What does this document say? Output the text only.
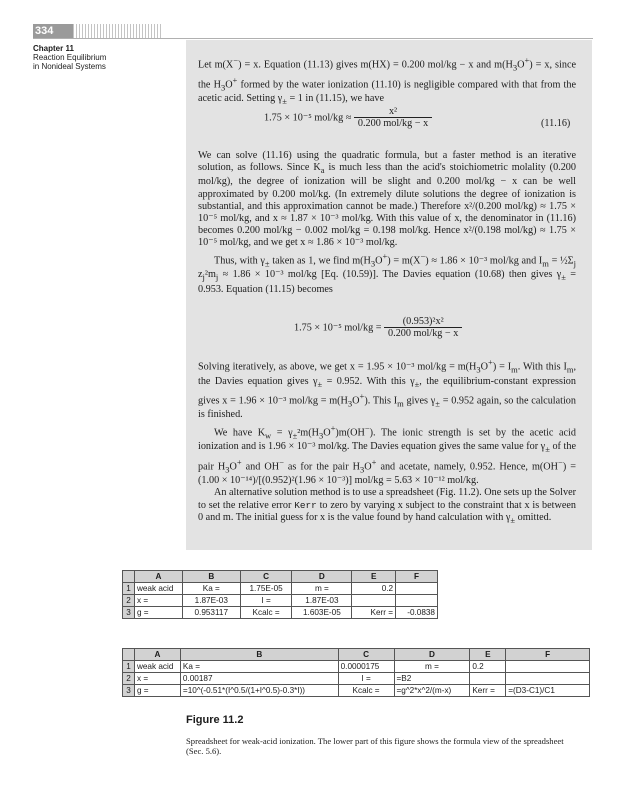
334
Chapter 11
Reaction Equilibrium
in Nonideal Systems	Let m(X−) = x. Equation (11.13) gives m(HX) = 0.200 mol/kg − x and $m(H_3O^+) = x$, since the $H_3O^+$ formed by the water ionization (11.10) is negligible compared with that from the acetic acid. Setting $\gamma_\pm = 1$ in (11.15), we have

1.75 × 10⁻⁵ $mol/kg \approx \frac{\text{x²}}{\text{0.200 mol/kg − x}}$	(11.16)

We can solve (11.16) using the quadratic formula, but a faster method is an iterative solution, as follows. Since $K_a$ is much less than the acid's stoichiometric molality (0.200 mol/kg), the degree of ionization will be slight and 0.200 mol/kg − x can be well approximated by 0.200 mol/kg. (In extremely dilute solutions the degree of ionization is substantial, and this approximation cannot be made.) Therefore x²/(0.200 mol/kg) ≈ 1.75 × 10⁻⁵ mol/kg, and x ≈ 1.87 × 10⁻³ mol/kg. With this value of x, the denominator in (11.16) becomes 0.200 mol/kg − 0.002 mol/kg = 0.198 mol/kg. Hence x²/(0.198 mol/kg) ≈ 1.75 × 10⁻⁵ mol/kg, and we get x ≈ 1.86 × 10⁻³ mol/kg.

Thus, with $\gamma_\pm$ taken as 1, we find $m(H_3O^+) = m(X^-) \approx 1.86 \times 10^{-3}$ mol/kg and $I_m$ = $\frac{1}{2}\Sigma_j$ $z_j^2m_j \approx 1.86 \times 10^{-3}$ mol/kg [Eq. (10.59)]. The Davies equation (10.68) then gives $\gamma_\pm = 0.953$. Equation (11.15) becomes

1.75 × 10⁻⁵ $mol/kg = \frac{\text{(0.953)²x²}}{\text{0.200 mol/kg − x}}$

Solving iteratively, as above, we get x = 1.95 × 10⁻³ $mol/kg = m(H_3O^+) = I_m$. With this $I_m$, the Davies equation gives $\gamma_\pm = 0.952$. With this $\gamma_\pm$, the equilibrium-constant expression gives x = 1.96 × 10⁻³ $mol/kg = m(H_3O^+)$. This $I_m$ gives $\gamma_\pm = 0.952$ again, so the calculation is finished.

We have $K_w = \gamma_\pm^2m(H_3O^+)m(OH^-)$. The ionic strength is set by the acetic acid ionization and is 1.96 × 10⁻³ mol/kg. The Davies equation gives the same value for $\gamma_\pm$ of the pair $H_3O^+$ and OH− as for the pair $H_3O^+$ and acetate, namely, 0.952. Hence, m(OH−) = (1.00 × 10⁻¹⁴)/[(0.952)²(1.96 × 10⁻³)] mol/kg = 5.63 × 10⁻¹² mol/kg.

An alternative solution method is to use a spreadsheet (Fig. 11.2). One sets up the Solver to set the relative error Kerr to zero by varying x subject to the constraint that x is between 0 and m. The initial guess for x is the value found by hand calculation with $\gamma_\pm$ omitted.

	A	B	C	D	E	F
1	weak acid	Ka =	1.75E-05	m =	0.2	
2	x =	1.87E-03	I =	1.87E-03		
3	g =	0.953117	Kcalc =	1.603E-05	Kerr =	-0.0838
	A	B	C	D	E	F
1	weak acid	Ka =	0.0000175	m =	0.2	
2	x =	0.00187	I =	=B2		
3	g =	=10^(-0.51*(I^0.5/(1+I^0.5)-0.3*I))	Kcalc =	=g^2*x^2/(m-x)	Kerr =	=(D3-C1)/C1
Figure 11.2
Spreadsheet for weak-acid ionization. The lower part of this figure shows the formula view of the spreadsheet (Sec. 5.6).
